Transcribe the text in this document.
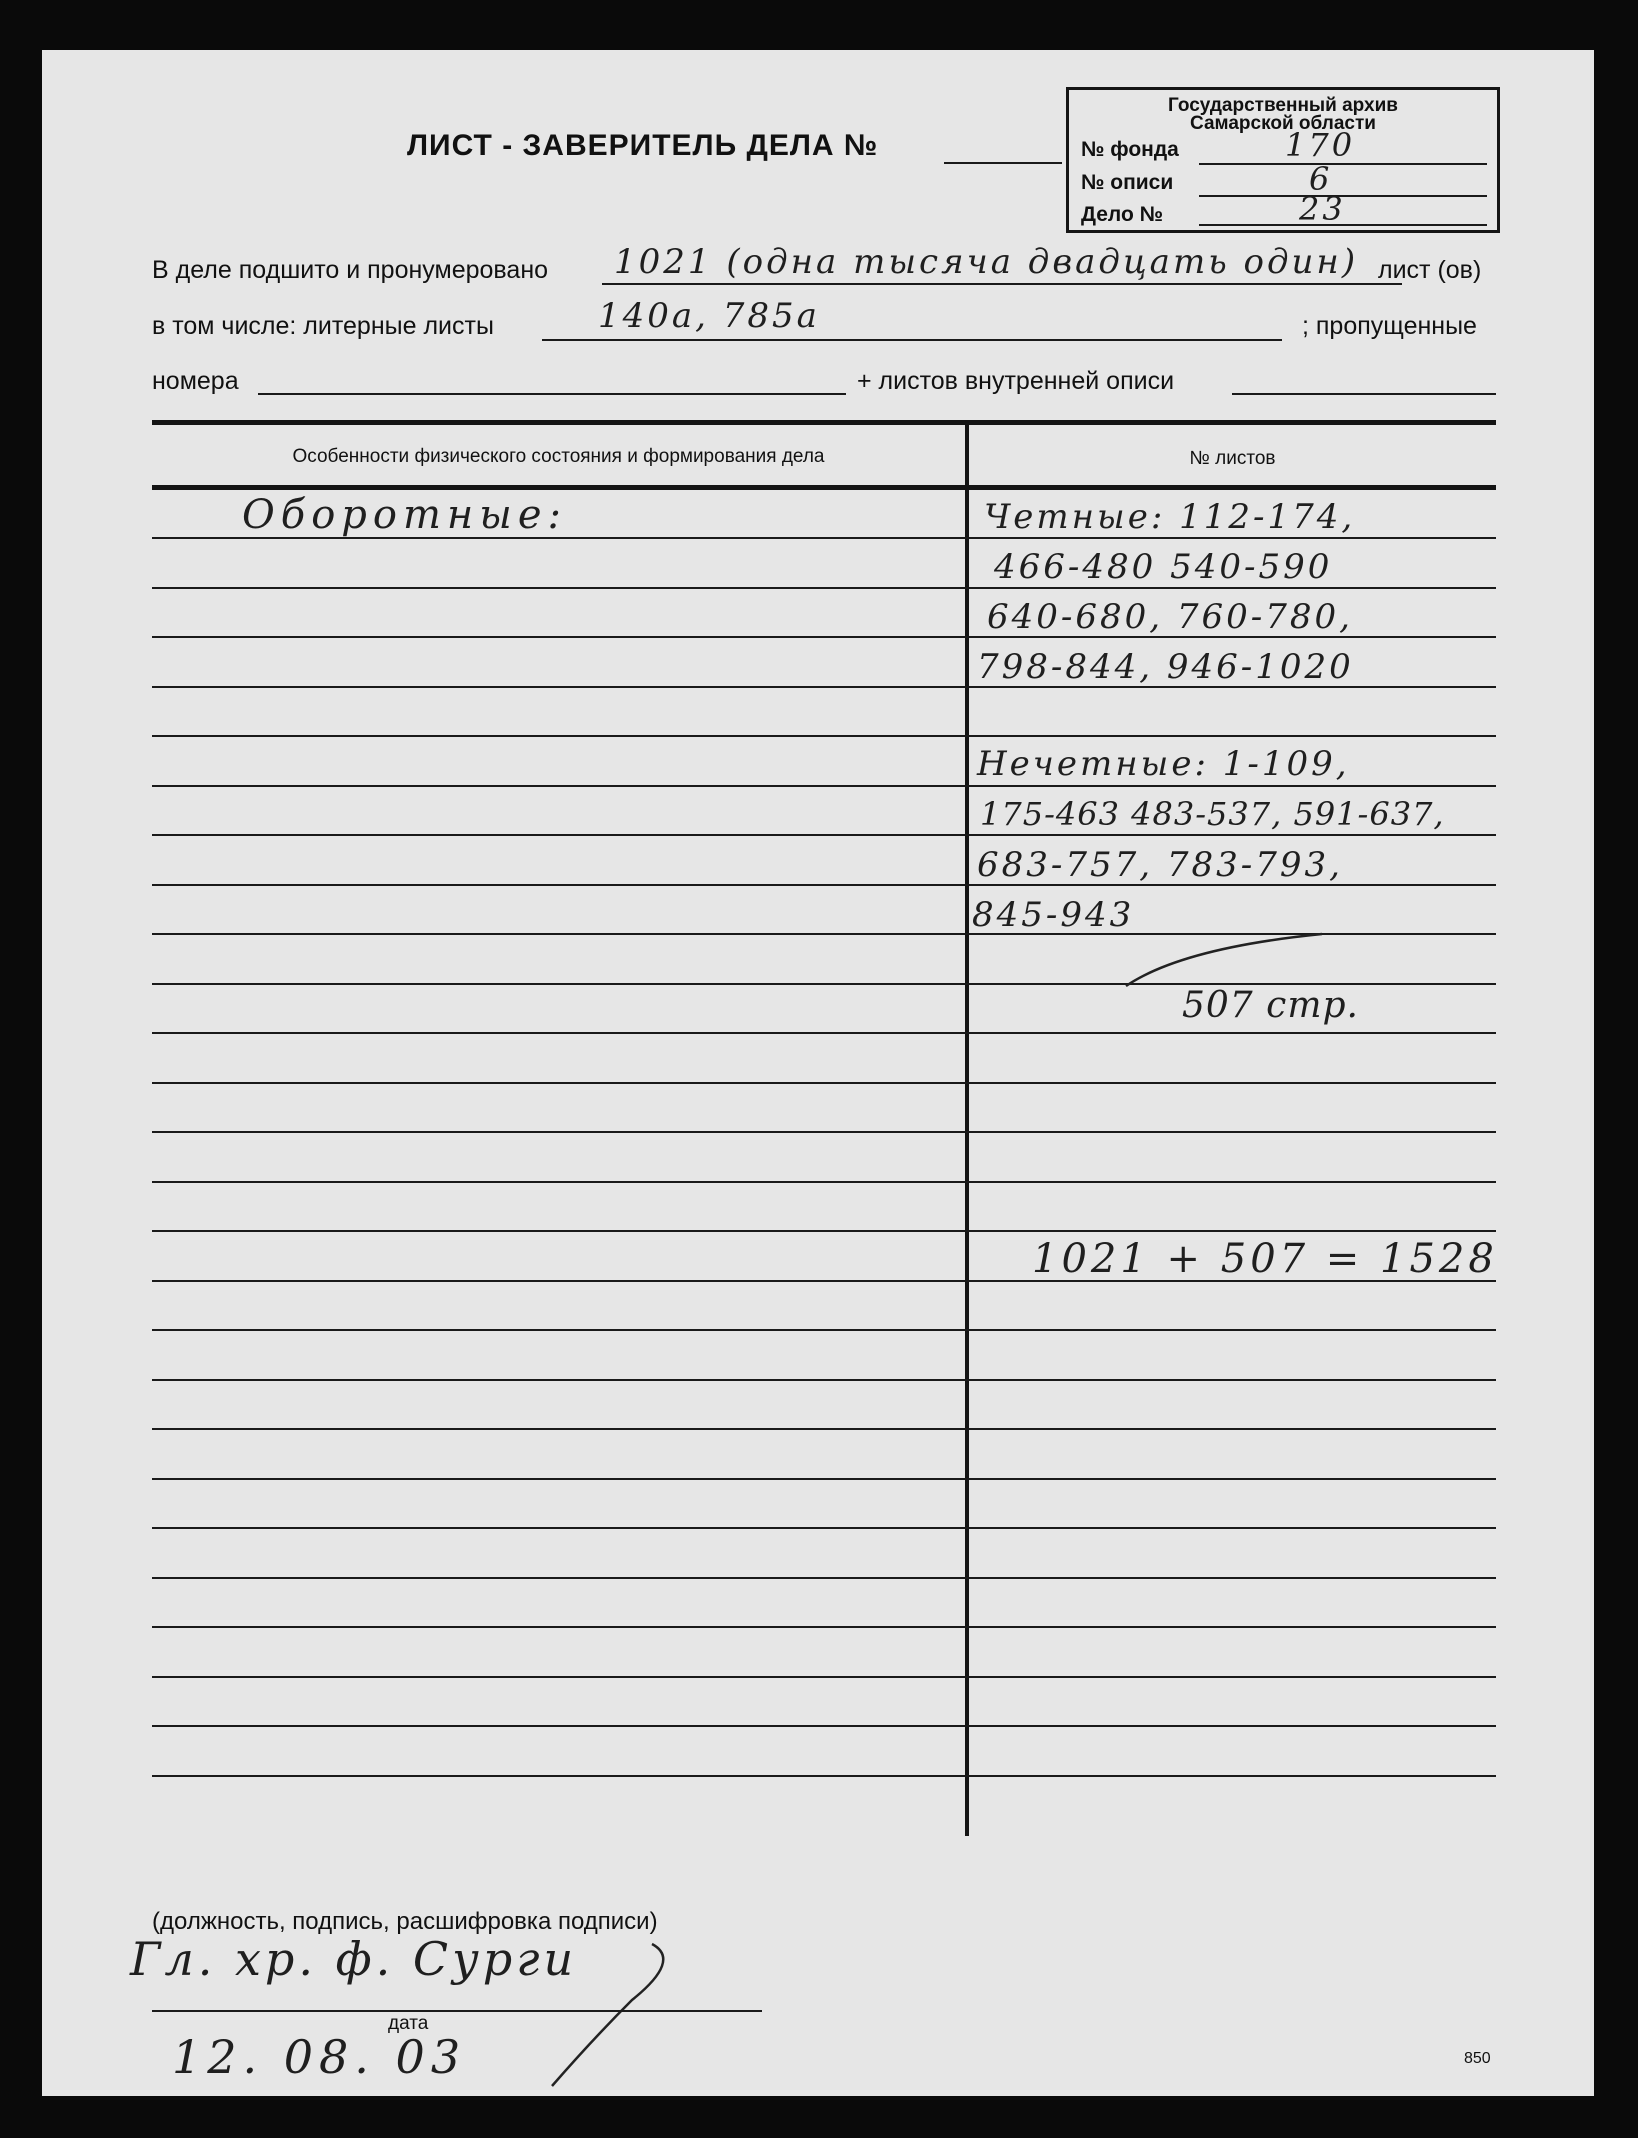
ЛИСТ - ЗАВЕРИТЕЛЬ ДЕЛА №
Государственный архив
Самарской области
№ фонда	170
№ описи	6
Дело №	23
В деле подшито и пронумеровано 1021 (одна тысяча двадцать один) лист (ов)
в том числе: литерные листы	140а, 785а	; пропущенные
номера	+ листов внутренней описи
Особенности физического состояния и формирования дела	№ листов
Оборотные:	Четные: 112-174,
466-480 540-590
640-680, 760-780,
798-844, 946-1020
Нечетные: 1-109,
175-463 483-537, 591-637,
683-757, 783-793,
845-943
507 стр.
1021 + 507 = 1528
(должность, подпись, расшифровка подписи)
Гл. хр. ф. Сурги
дата
12. 08. 03	850
